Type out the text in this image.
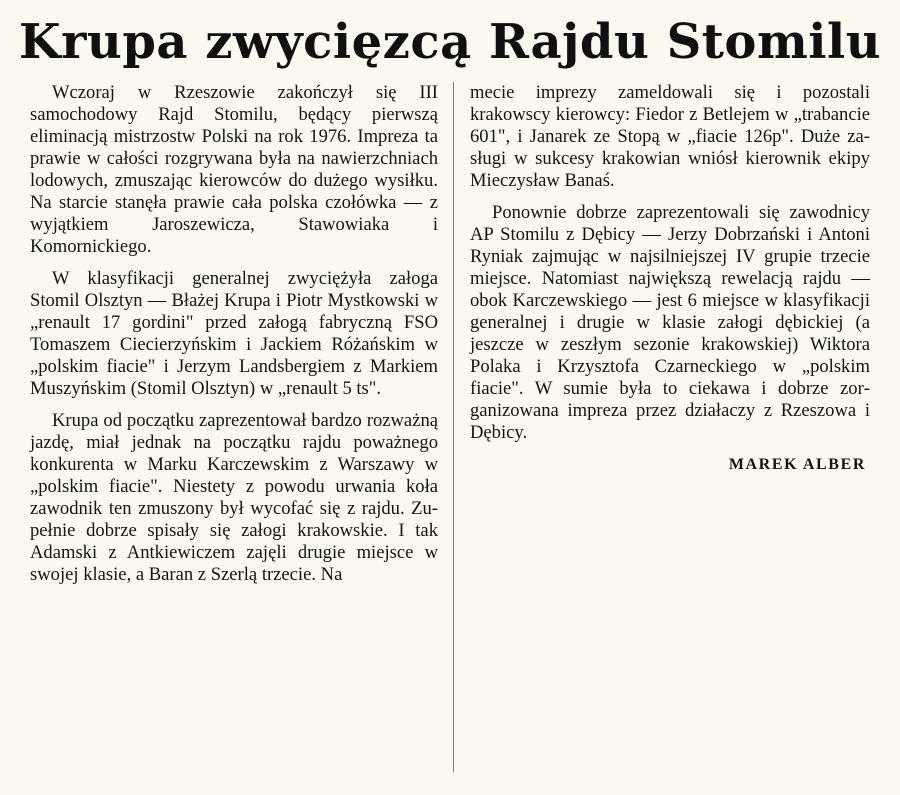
Krupa zwycięzcą Rajdu Stomilu

Wczoraj w Rzeszowie zakończył się III samochodowy Rajd Stomilu, będący pierwszą eliminacją mistrzostw Polski na rok 1976. Impreza ta prawie w całości rozgrywana była na nawierzchniach lodowych, zmuszając kierowców do dużego wysiłku. Na starcie stanęła prawie cała polska czołówka — z wyjątkiem Jaroszewicza, Stawowiaka i Komornickiego.

W klasyfikacji generalnej zwyciężyła załoga Stomil Olsztyn — Błażej Krupa i Piotr Mystkowski w „renault 17 gordini" przed załogą fabryczną FSO Tomaszem Ciecierzyńskim i Jackiem Różańskim w „polskim fiacie" i Jerzym Landsbergiem z Markiem Muszyńskim (Stomil Olsztyn) w „renault 5 ts".

Krupa od początku zaprezentował bardzo rozważną jazdę, miał jednak na początku rajdu poważnego konkurenta w Marku Karczewskim z Warszawy w „polskim fiacie". Niestety z powodu urwania koła zawodnik ten zmuszony był wycofać się z rajdu. Zupełnie dobrze spisały się załogi krakowskie. I tak Adamski z Antkiewiczem zajęli drugie miejsce w swojej klasie, a Baran z Szerlą trzecie. Na

mecie imprezy zameldowali się i pozostali krakowscy kierowcy: Fiedor z Betlejem w „trabancie 601", i Janarek ze Stopą w „fiacie 126p". Duże zasługi w sukcesy krakowian wniósł kierownik ekipy Mieczysław Banaś.

Ponownie dobrze zaprezentowali się zawodnicy AP Stomilu z Dębicy — Jerzy Dobrzański i Antoni Ryniak zajmując w najsilniejszej IV grupie trzecie miejsce. Natomiast największą rewelacją rajdu — obok Karczewskiego — jest 6 miejsce w klasyfikacji generalnej i drugie w klasie załogi dębickiej (a jeszcze w zeszłym sezonie krakowskiej) Wiktora Polaka i Krzysztofa Czarneckiego w „polskim fiacie". W sumie była to ciekawa i dobrze zorganizowana impreza przez działaczy z Rzeszowa i Dębicy.

MAREK ALBER
